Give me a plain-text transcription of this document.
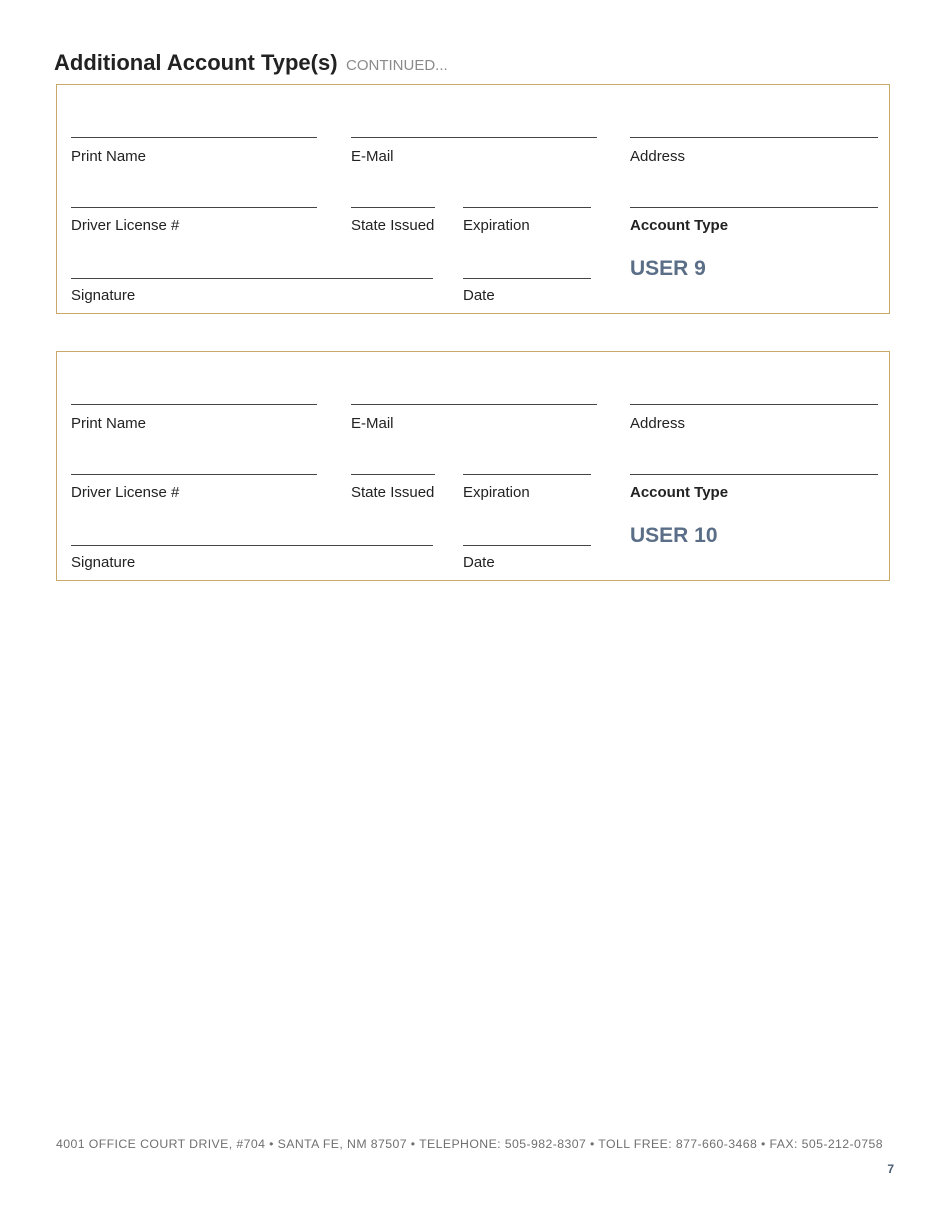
Additional Account Type(s) CONTINUED...
Print Name	E-Mail	Address
Driver License #	State Issued Expiration	Account Type
Signature	Date
USER 9
Print Name	E-Mail	Address
Driver License #	State Issued Expiration	Account Type
Signature	Date
USER 10
4001 OFFICE COURT DRIVE, #704 • SANTA FE, NM 87507 • TELEPHONE: 505-982-8307 • TOLL FREE: 877-660-3468 • FAX: 505-212-0758
7
